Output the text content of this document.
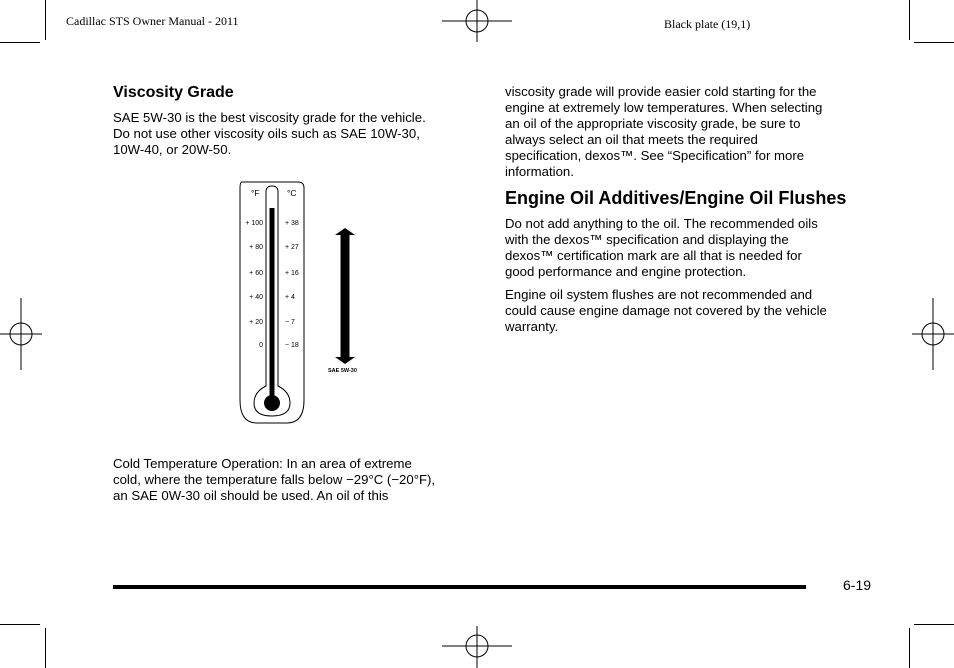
Cadillac STS Owner Manual - 2011	Black plate (19,1)
Viscosity Grade
SAE 5W-30 is the best viscosity grade for the vehicle.
Do not use other viscosity oils such as SAE 10W-30,
10W-40, or 20W-50.
°F	°C
+ 100
+ 80
+ 60
+ 40
+ 20
0
+ 38
+ 27
+ 16
+ 4
− 7
− 18
SAE 5W-30
Cold Temperature Operation: In an area of extreme
cold, where the temperature falls below −29°C (−20°F),
an SAE 0W-30 oil should be used. An oil of this
viscosity grade will provide easier cold starting for the
engine at extremely low temperatures. When selecting
an oil of the appropriate viscosity grade, be sure to
always select an oil that meets the required
specification, dexos™. See “Specification” for more
information.
Engine Oil Additives/Engine Oil Flushes
Do not add anything to the oil. The recommended oils
with the dexos™ specification and displaying the
dexos™ certification mark are all that is needed for
good performance and engine protection.
Engine oil system flushes are not recommended and
could cause engine damage not covered by the vehicle
warranty.
6-19
